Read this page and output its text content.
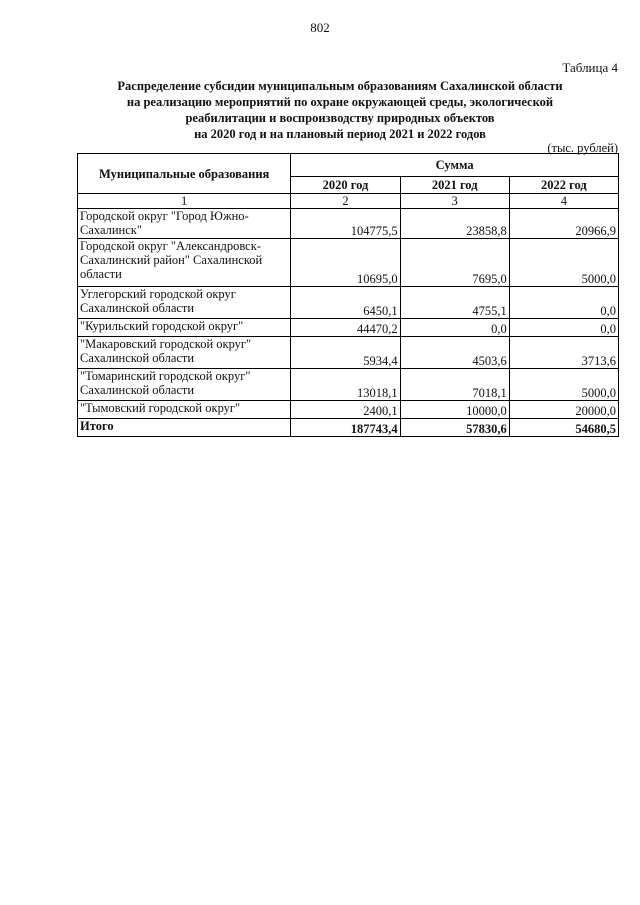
802
Таблица 4
Распределение субсидии муниципальным образованиям Сахалинской области
на реализацию мероприятий по охране окружающей среды, экологической
реабилитации и воспроизводству природных объектов
на 2020 год и на плановый период 2021 и 2022 годов
(тыс. рублей)
Муниципальные образования	Сумма		
	2020 год	2021 год	2022 год
1	2	3	4
Городской округ "Город Южно-Сахалинск"	104775,5	23858,8	20966,9
Городской округ "Александровск-Сахалинский район" Сахалинской области	10695,0	7695,0	5000,0
Углегорский городской округ Сахалинской области	6450,1	4755,1	0,0
"Курильский городской округ"	44470,2	0,0	0,0
"Макаровский городской округ" Сахалинской области	5934,4	4503,6	3713,6
"Томаринский городской округ" Сахалинской области	13018,1	7018,1	5000,0
"Тымовский городской округ"	2400,1	10000,0	20000,0
Итого	187743,4	57830,6	54680,5
